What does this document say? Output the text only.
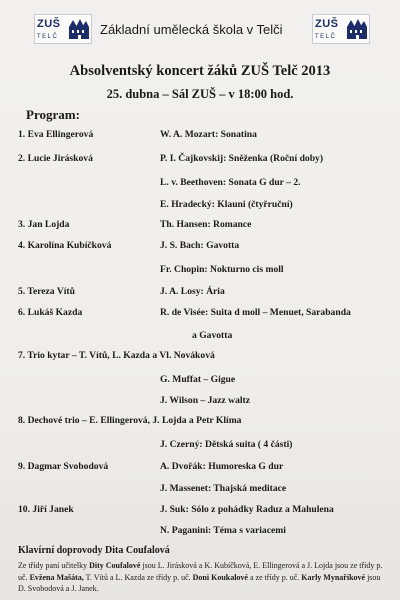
ZUŠ
TELČ	Základní umělecká škola v Telči	ZUŠ
TELČ
Absolventský koncert žáků ZUŠ Telč 2013
25. dubna – Sál ZUŠ – v 18:00 hod.
Program:
1. Eva Ellingerová	W. A. Mozart: Sonatina
2. Lucie Jirásková	P. I. Čajkovskij: Sněženka (Roční doby)
L. v. Beethoven: Sonata G dur – 2.
E. Hradecký: Klauni (čtyřruční)
3. Jan Lojda	Th. Hansen: Romance
4. Karolína Kubíčková	J. S. Bach: Gavotta
Fr. Chopin: Nokturno cis moll
5. Tereza Vítů	J. A. Losy: Ária
6. Lukáš Kazda	R. de Visée: Suita d moll – Menuet, Sarabanda
a Gavotta
7. Trio kytar – T. Vítů, L. Kazda a Vl. Nováková
G. Muffat – Gigue
J. Wilson – Jazz waltz
8. Dechové trio – E. Ellingerová, J. Lojda a Petr Klíma
J. Czerný: Dětská suita ( 4 části)
9. Dagmar Svobodová	A. Dvořák: Humoreska G dur
J. Massenet: Thajská meditace
10. Jiří Janek	J. Suk: Sólo z pohádky Raduz a Mahulena
N. Paganini: Téma s variacemi
Klavírní doprovody Dita Coufalová
Ze třídy paní učitelky Dity Coufalové jsou L. Jirásková a K. Kubíčková, E. Ellingerová a J. Lojda jsou ze třídy p. uč. Evžena Mašáta, T. Vítů a L. Kazda ze třídy p. uč. Doni Koukalové a ze třídy p. uč. Karly Mynaříkové jsou D. Svobodová a J. Janek.
